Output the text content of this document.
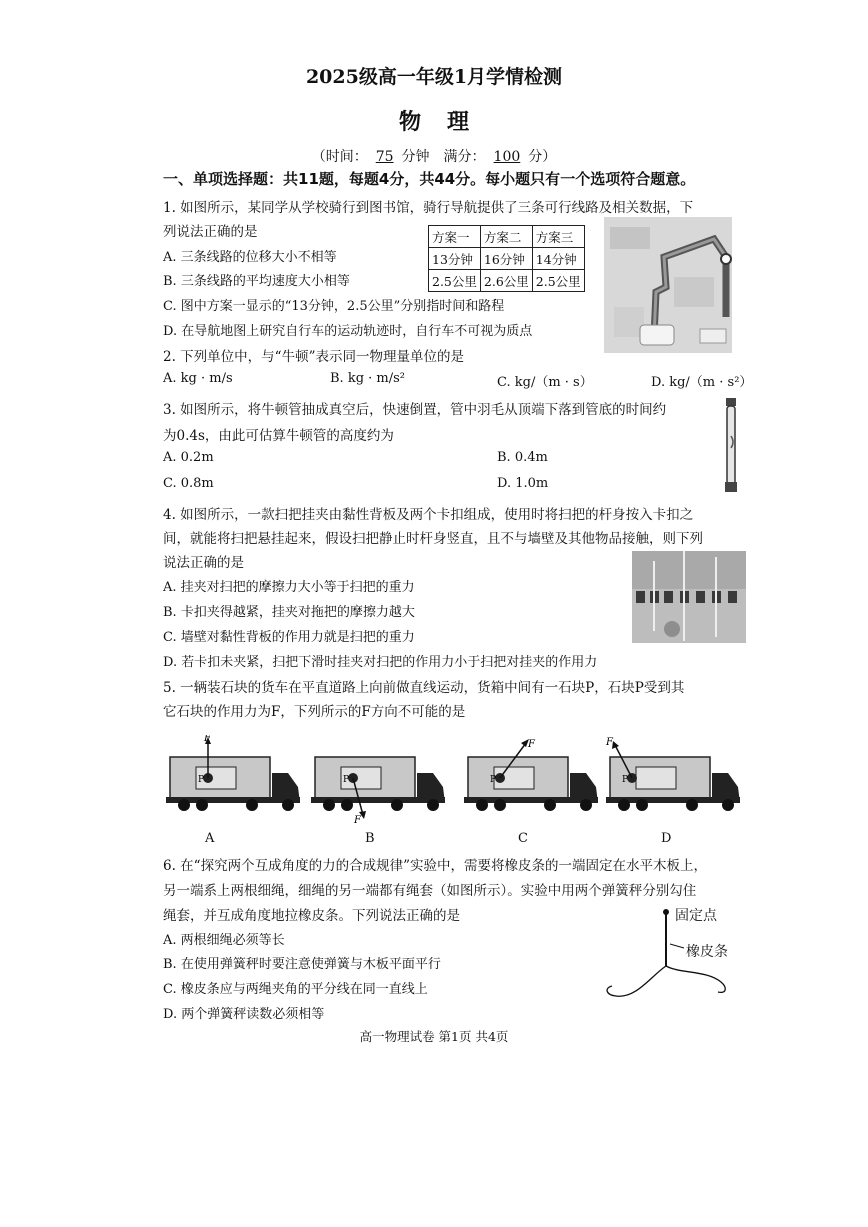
2025级高一年级1月学情检测
物理
（时间： 75 分钟　满分： 100 分）
一、单项选择题：共11题，每题4分，共44分。每小题只有一个选项符合题意。
1. 如图所示，某同学从学校骑行到图书馆，骑行导航提供了三条可行线路及相关数据，下
列说法正确的是
A. 三条线路的位移大小不相等
B. 三条线路的平均速度大小相等
C. 图中方案一显示的“13分钟，2.5公里”分别指时间和路程
D. 在导航地图上研究自行车的运动轨迹时，自行车不可视为质点
方案一	方案二	方案三
13分钟	16分钟	14分钟
2.5公里	2.6公里	2.5公里
2. 下列单位中，与“牛顿”表示同一物理量单位的是
A. kg · m/s	B. kg · m/s²	C. kg/（m · s）	D. kg/（m · s²）
3. 如图所示，将牛顿管抽成真空后，快速倒置，管中羽毛从顶端下落到管底的时间约
为0.4s，由此可估算牛顿管的高度约为
A. 0.2m	B. 0.4m
C. 0.8m	D. 1.0m
4. 如图所示，一款扫把挂夹由黏性背板及两个卡扣组成，使用时将扫把的杆身按入卡扣之
间，就能将扫把悬挂起来，假设扫把静止时杆身竖直，且不与墙壁及其他物品接触，则下列
说法正确的是
A. 挂夹对扫把的摩擦力大小等于扫把的重力
B. 卡扣夹得越紧，挂夹对拖把的摩擦力越大
C. 墙壁对黏性背板的作用力就是扫把的重力
D. 若卡扣未夹紧，扫把下滑时挂夹对扫把的作用力小于扫把对挂夹的作用力
5. 一辆装石块的货车在平直道路上向前做直线运动，货箱中间有一石块P，石块P受到其
它石块的作用力为F，下列所示的F方向不可能的是
F
F
F	F
P	P	P	P
A	B	C	D
6. 在“探究两个互成角度的力的合成规律”实验中，需要将橡皮条的一端固定在水平木板上，
另一端系上两根细绳，细绳的另一端都有绳套（如图所示）。实验中用两个弹簧秤分别勾住
绳套，并互成角度地拉橡皮条。下列说法正确的是
A. 两根细绳必须等长
B. 在使用弹簧秤时要注意使弹簧与木板平面平行
C. 橡皮条应与两绳夹角的平分线在同一直线上
D. 两个弹簧秤读数必须相等
固定点
橡皮条
高一物理试卷 第1页 共4页
